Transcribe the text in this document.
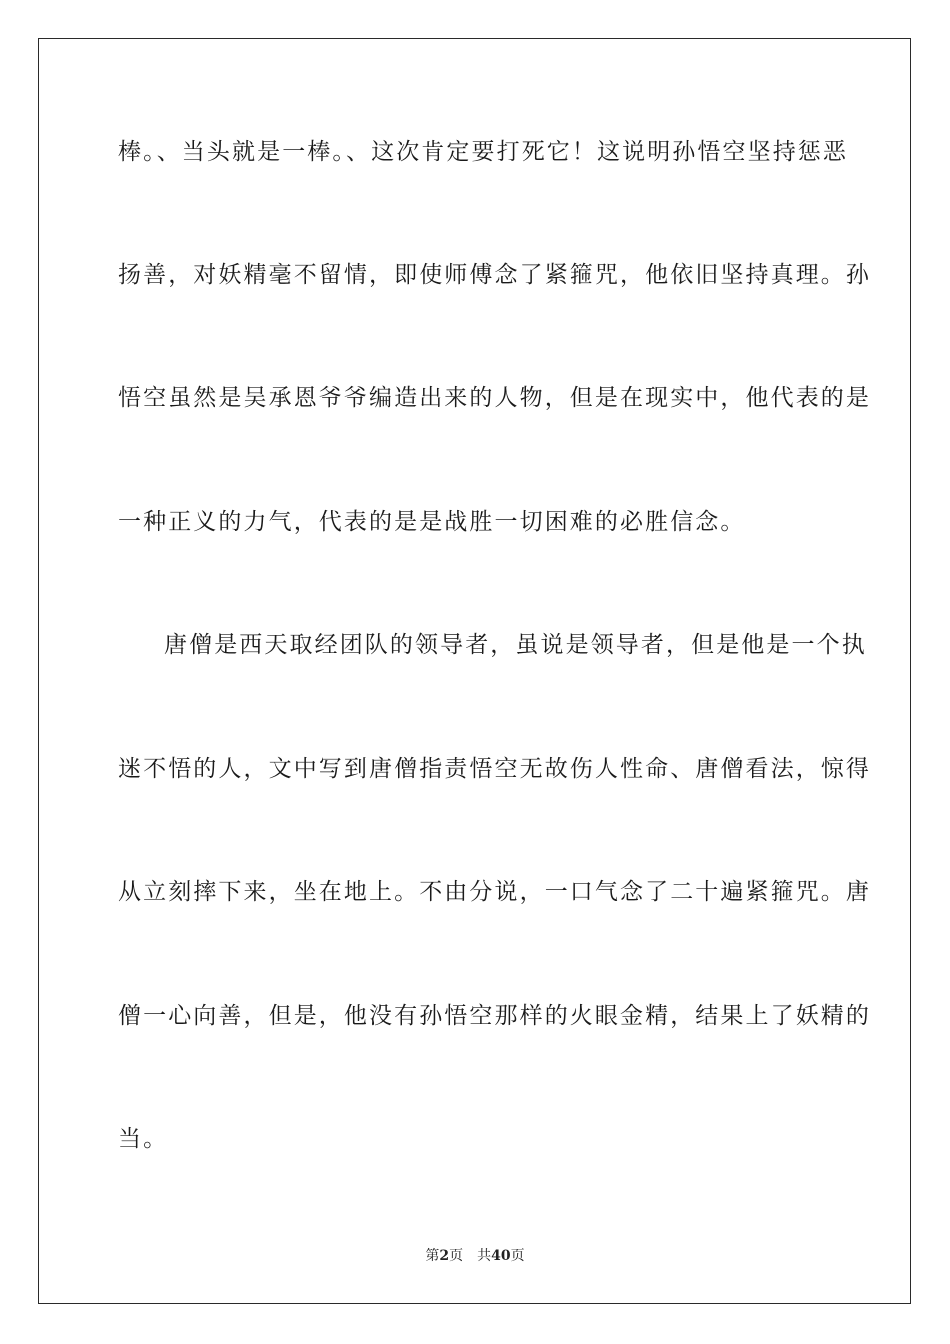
棒。、当头就是一棒。、这次肯定要打死它！这说明孙悟空坚持惩恶
扬善，对妖精毫不留情，即使师傅念了紧箍咒，他依旧坚持真理。孙
悟空虽然是吴承恩爷爷编造出来的人物，但是在现实中，他代表的是
一种正义的力气，代表的是是战胜一切困难的必胜信念。
唐僧是西天取经团队的领导者，虽说是领导者，但是他是一个执
迷不悟的人，文中写到唐僧指责悟空无故伤人性命、唐僧看法，惊得
从立刻摔下来，坐在地上。不由分说，一口气念了二十遍紧箍咒。唐
僧一心向善，但是，他没有孙悟空那样的火眼金精，结果上了妖精的
当。
第2页 共40页
